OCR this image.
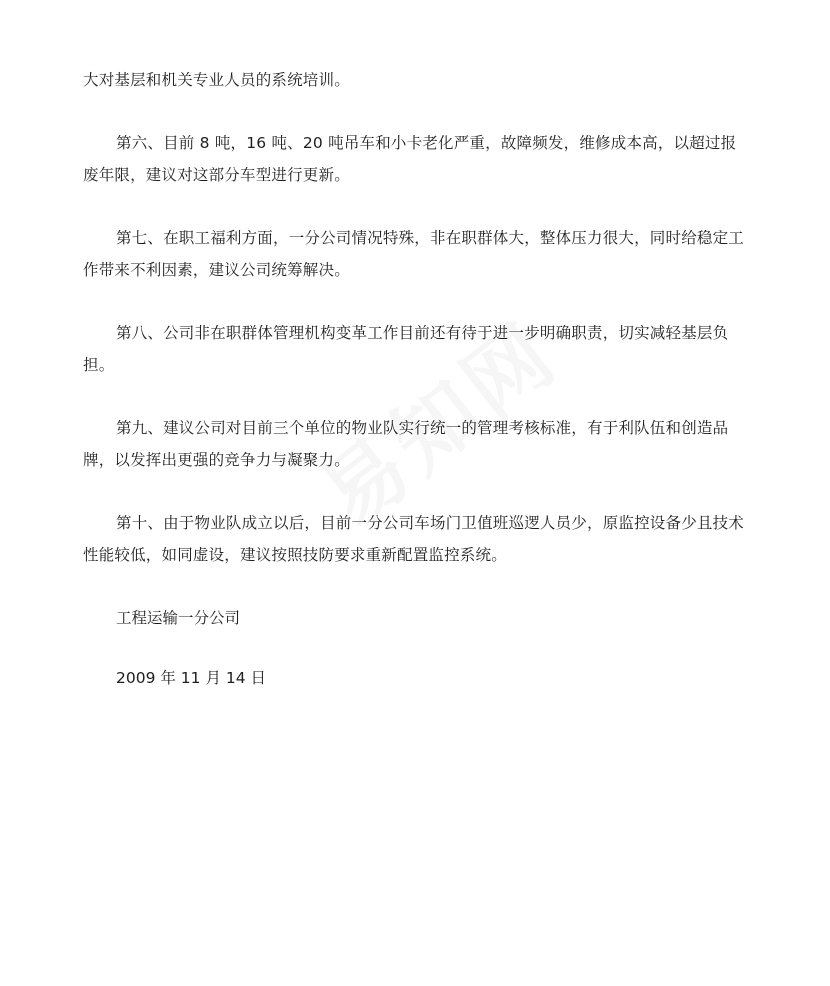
大对基层和机关专业人员的系统培训。

第六、目前 8 吨，16 吨、20 吨吊车和小卡老化严重，故障频发，维修成本高，以超过报废年限，建议对这部分车型进行更新。

第七、在职工福利方面，一分公司情况特殊，非在职群体大，整体压力很大，同时给稳定工作带来不利因素，建议公司统筹解决。

第八、公司非在职群体管理机构变革工作目前还有待于进一步明确职责，切实减轻基层负担。

第九、建议公司对目前三个单位的物业队实行统一的管理考核标准，有于利队伍和创造品牌，以发挥出更强的竞争力与凝聚力。

第十、由于物业队成立以后，目前一分公司车场门卫值班巡逻人员少，原监控设备少且技术性能较低，如同虚设，建议按照技防要求重新配置监控系统。

工程运输一分公司

2009 年 11 月 14 日
